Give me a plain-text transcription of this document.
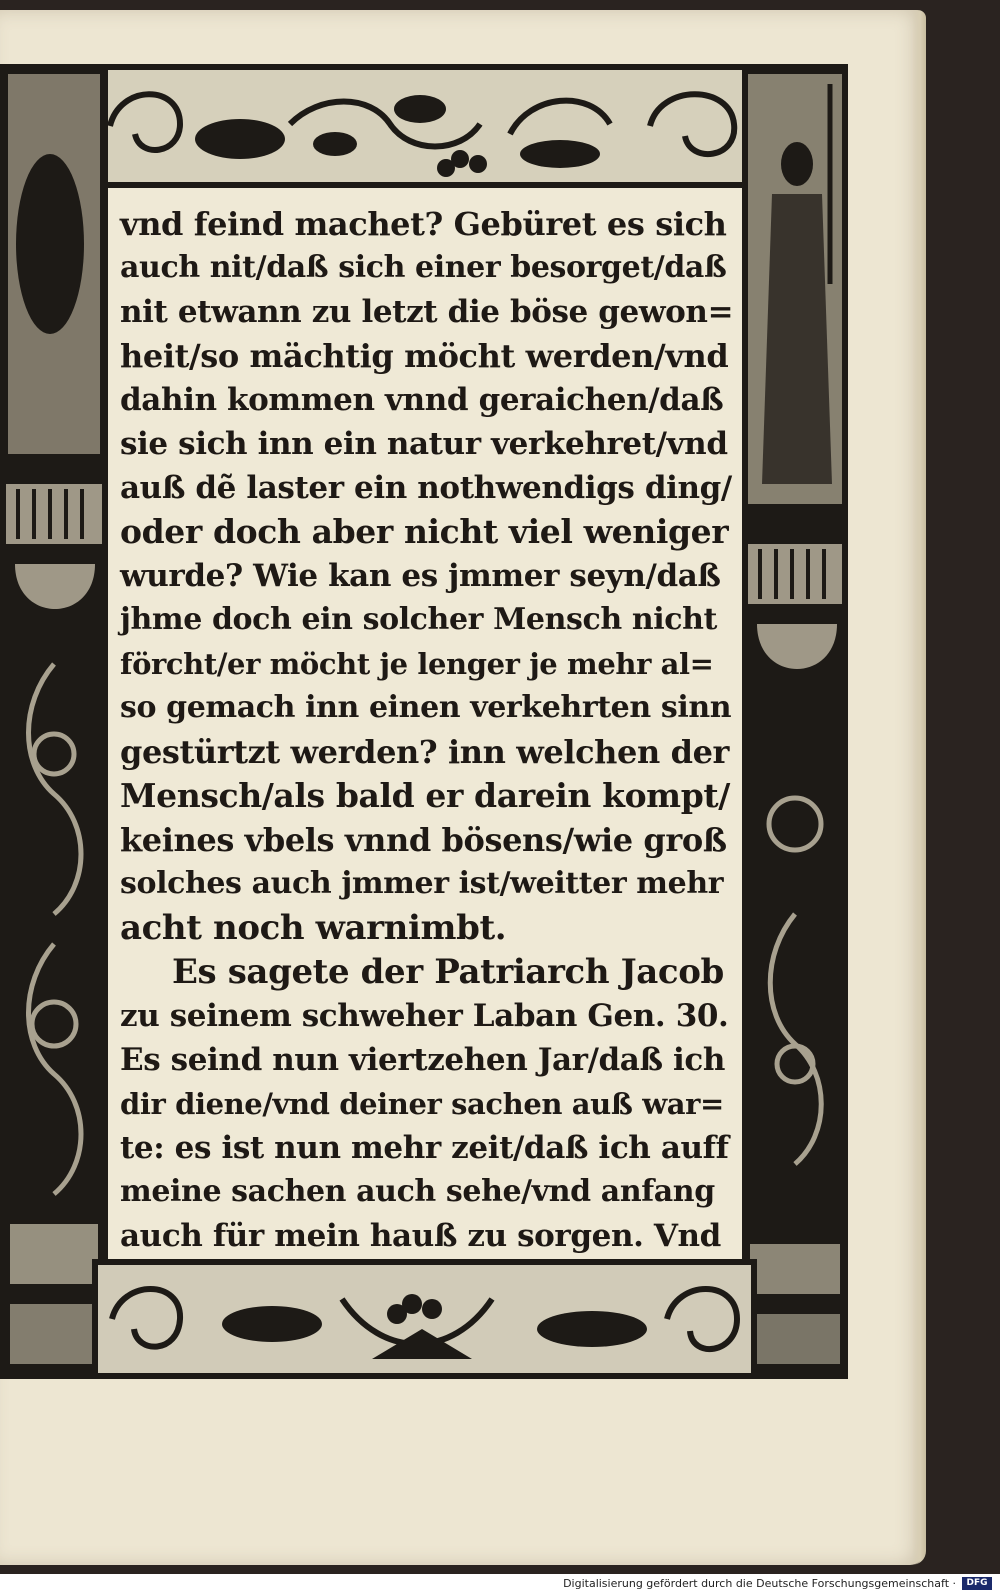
vnd feind machet? Gebüret es sich
auch nit/daß sich einer besorget/daß
nit etwann zu letzt die böse gewon=
heit/so mächtig möcht werden/vnd
dahin kommen vnnd geraichen/daß
sie sich inn ein natur verkehret/vnd
auß dẽ laster ein nothwendigs ding/
oder doch aber nicht viel weniger
wurde? Wie kan es jmmer seyn/daß
jhme doch ein solcher Mensch nicht
förcht/er möcht je lenger je mehr al=
so gemach inn einen verkehrten sinn
gestürtzt werden? inn welchen der
Mensch/als bald er darein kompt/
keines vbels vnnd bösens/wie groß
solches auch jmmer ist/weitter mehr
acht noch warnimbt.
Es sagete der Patriarch Jacob
zu seinem schweher Laban Gen. 30.
Es seind nun viertzehen Jar/daß ich
dir diene/vnd deiner sachen auß war=
te: es ist nun mehr zeit/daß ich auff
meine sachen auch sehe/vnd anfang
auch für mein hauß zu sorgen. Vnd
Digitalisierung gefördert durch die Deutsche Forschungsgemeinschaft ·	DFG
